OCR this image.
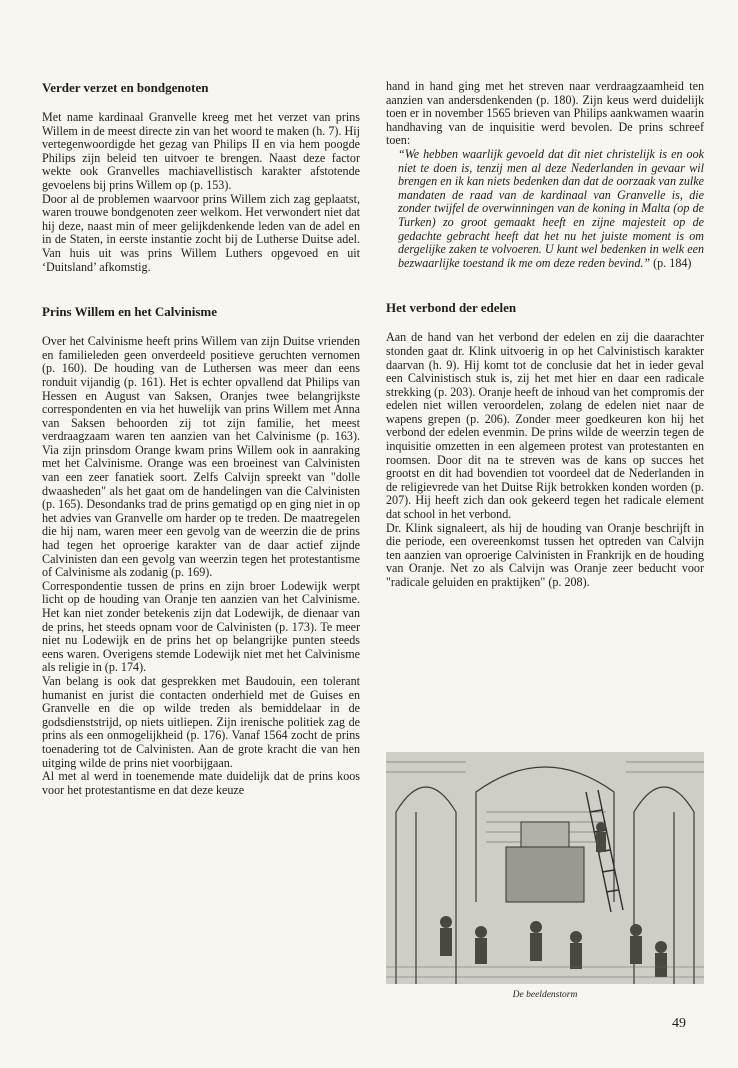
Verder verzet en bondgenoten

Met name kardinaal Granvelle kreeg met het verzet van prins Willem in de meest directe zin van het woord te maken (h. 7). Hij vertegenwoordigde het gezag van Philips II en via hem poogde Philips zijn beleid ten uitvoer te brengen. Naast deze factor wekte ook Granvelles machiavellistisch karakter afstotende gevoelens bij prins Willem op (p. 153).

Door al de problemen waarvoor prins Willem zich zag geplaatst, waren trouwe bondgenoten zeer welkom. Het verwondert niet dat hij deze, naast min of meer gelijkdenkende leden van de adel en in de Staten, in eerste instantie zocht bij de Lutherse Duitse adel. Van huis uit was prins Willem Luthers opgevoed en uit ‘Duitsland’ afkomstig.

Prins Willem en het Calvinisme

Over het Calvinisme heeft prins Willem van zijn Duitse vrienden en familieleden geen onverdeeld positieve geruchten vernomen (p. 160). De houding van de Luthersen was meer dan eens ronduit vijandig (p. 161). Het is echter opvallend dat Philips van Hessen en August van Saksen, Oranjes twee belangrijkste correspondenten en via het huwelijk van prins Willem met Anna van Saksen behoorden zij tot zijn familie, het meest verdraagzaam waren ten aanzien van het Calvinisme (p. 163). Via zijn prinsdom Orange kwam prins Willem ook in aanraking met het Calvinisme. Orange was een broeinest van Calvinisten van een zeer fanatiek soort. Zelfs Calvijn spreekt van "dolle dwaasheden" als het gaat om de handelingen van die Calvinisten (p. 165). Desondanks trad de prins gematigd op en ging niet in op het advies van Granvelle om harder op te treden. De maatregelen die hij nam, waren meer een gevolg van de weerzin die de prins had tegen het oproerige karakter van de daar actief zijnde Calvinisten dan een gevolg van weerzin tegen het protestantisme of Calvinisme als zodanig (p. 169).

Correspondentie tussen de prins en zijn broer Lodewijk werpt licht op de houding van Oranje ten aanzien van het Calvinisme. Het kan niet zonder betekenis zijn dat Lodewijk, de dienaar van de prins, het steeds opnam voor de Calvinisten (p. 173). Te meer niet nu Lodewijk en de prins het op belangrijke punten steeds eens waren. Overigens stemde Lodewijk niet met het Calvinisme als religie in (p. 174).

Van belang is ook dat gesprekken met Baudouin, een tolerant humanist en jurist die contacten onderhield met de Guises en Granvelle en die op wilde treden als bemiddelaar in de godsdienststrijd, op niets uitliepen. Zijn irenische politiek zag de prins als een onmogelijkheid (p. 176). Vanaf 1564 zocht de prins toenadering tot de Calvinisten. Aan de grote kracht die van hen uitging wilde de prins niet voorbijgaan.

Al met al werd in toenemende mate duidelijk dat de prins koos voor het protestantisme en dat deze keuze

hand in hand ging met het streven naar verdraagzaamheid ten aanzien van andersdenkenden (p. 180). Zijn keus werd duidelijk toen er in november 1565 brieven van Philips aankwamen waarin handhaving van de inquisitie werd bevolen. De prins schreef toen:

“We hebben waarlijk gevoeld dat dit niet christelijk is en ook niet te doen is, tenzij men al deze Nederlanden in gevaar wil brengen en ik kan niets bedenken dan dat de oorzaak van zulke mandaten de raad van de kardinaal van Granvelle is, die zonder twijfel de overwinningen van de koning in Malta (op de Turken) zo groot gemaakt heeft en zijne majesteit op de gedachte gebracht heeft dat het nu het juiste moment is om dergelijke zaken te volvoeren. U kunt wel bedenken in welk een bezwaarlijke toestand ik me om deze reden bevind.” (p. 184)

Het verbond der edelen

Aan de hand van het verbond der edelen en zij die daarachter stonden gaat dr. Klink uitvoerig in op het Calvinistisch karakter daarvan (h. 9). Hij komt tot de conclusie dat het in ieder geval een Calvinistisch stuk is, zij het met hier en daar een radicale strekking (p. 203). Oranje heeft de inhoud van het compromis der edelen niet willen veroordelen, zolang de edelen niet naar de wapens grepen (p. 206). Zonder meer goedkeuren kon hij het verbond der edelen evenmin. De prins wilde de weerzin tegen de inquisitie omzetten in een algemeen protest van protestanten en roomsen. Door dit na te streven was de kans op succes het grootst en dit had bovendien tot voordeel dat de Nederlanden in de religievrede van het Duitse Rijk betrokken konden worden (p. 207). Hij heeft zich dan ook gekeerd tegen het radicale element dat school in het verbond.

Dr. Klink signaleert, als hij de houding van Oranje beschrijft in die periode, een overeenkomst tussen het optreden van Calvijn ten aanzien van oproerige Calvinisten in Frankrijk en de houding van Oranje. Net zo als Calvijn was Oranje zeer beducht voor "radicale geluiden en praktijken" (p. 208).

De beeldenstorm
49
